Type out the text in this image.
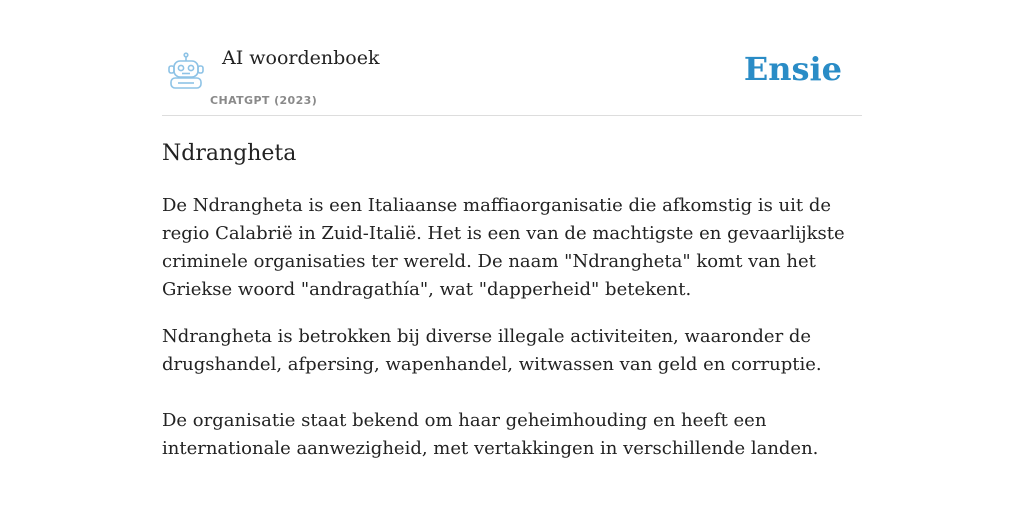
AI woordenboek
CHATGPT (2023)
Ensie
Ndrangheta

De Ndrangheta is een Italiaanse maffiaorganisatie die afkomstig is uit de regio Calabrië in Zuid-Italië. Het is een van de machtigste en gevaarlijkste criminele organisaties ter wereld. De naam "Ndrangheta" komt van het Griekse woord "andragathía", wat "dapperheid" betekent.

Ndrangheta is betrokken bij diverse illegale activiteiten, waaronder de drugshandel, afpersing, wapenhandel, witwassen van geld en corruptie.

De organisatie staat bekend om haar geheimhouding en heeft een internationale aanwezigheid, met vertakkingen in verschillende landen.
